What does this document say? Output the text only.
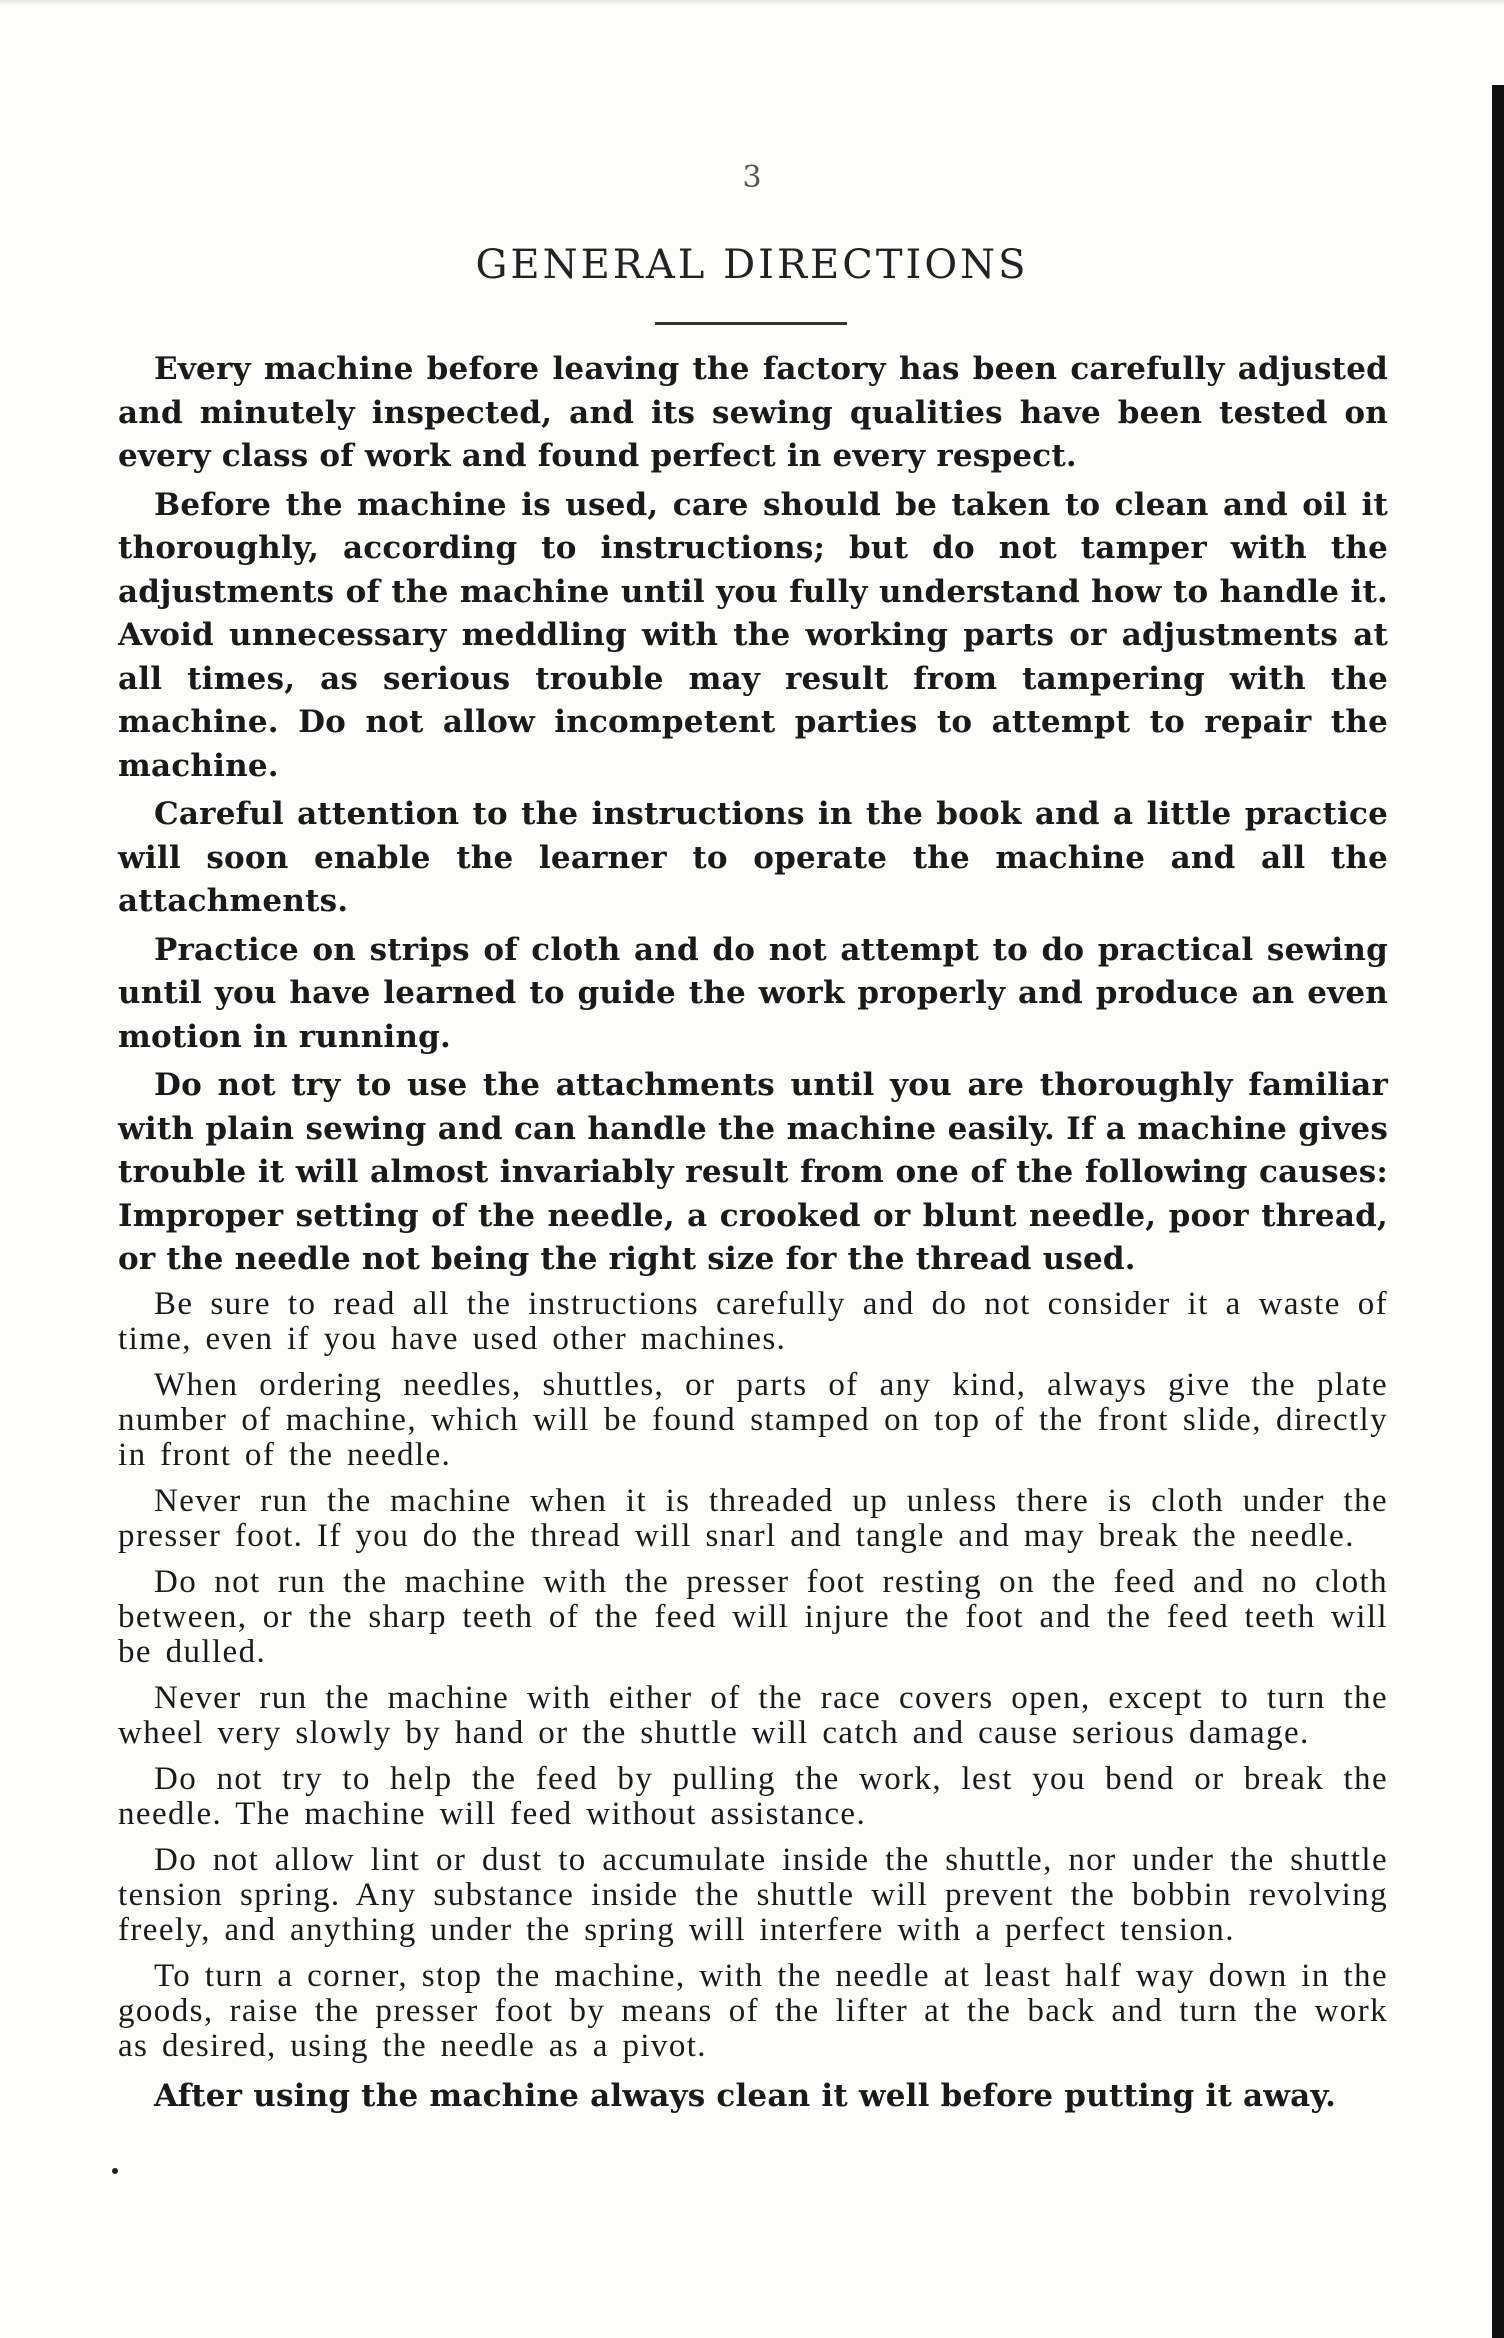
3
GENERAL DIRECTIONS

Every machine before leaving the factory has been carefully adjusted and minutely inspected, and its sewing qualities have been tested on every class of work and found perfect in every respect.

Before the machine is used, care should be taken to clean and oil it thoroughly, according to instructions; but do not tamper with the adjustments of the machine until you fully understand how to handle it. Avoid unnecessary meddling with the working parts or adjustments at all times, as serious trouble may result from tampering with the machine. Do not allow incompetent parties to attempt to repair the machine.

Careful attention to the instructions in the book and a little practice will soon enable the learner to operate the machine and all the attachments.

Practice on strips of cloth and do not attempt to do practical sewing until you have learned to guide the work properly and produce an even motion in running.

Do not try to use the attachments until you are thoroughly familiar with plain sewing and can handle the machine easily. If a machine gives trouble it will almost invariably result from one of the following causes: Improper setting of the needle, a crooked or blunt needle, poor thread, or the needle not being the right size for the thread used.

Be sure to read all the instructions carefully and do not consider it a waste of time, even if you have used other machines.

When ordering needles, shuttles, or parts of any kind, always give the plate number of machine, which will be found stamped on top of the front slide, directly in front of the needle.

Never run the machine when it is threaded up unless there is cloth under the presser foot. If you do the thread will snarl and tangle and may break the needle.

Do not run the machine with the presser foot resting on the feed and no cloth between, or the sharp teeth of the feed will injure the foot and the feed teeth will be dulled.

Never run the machine with either of the race covers open, except to turn the wheel very slowly by hand or the shuttle will catch and cause serious damage.

Do not try to help the feed by pulling the work, lest you bend or break the needle. The machine will feed without assistance.

Do not allow lint or dust to accumulate inside the shuttle, nor under the shuttle tension spring. Any substance inside the shuttle will prevent the bobbin revolving freely, and anything under the spring will interfere with a perfect tension.

To turn a corner, stop the machine, with the needle at least half way down in the goods, raise the presser foot by means of the lifter at the back and turn the work as desired, using the needle as a pivot.

After using the machine always clean it well before putting it away.
